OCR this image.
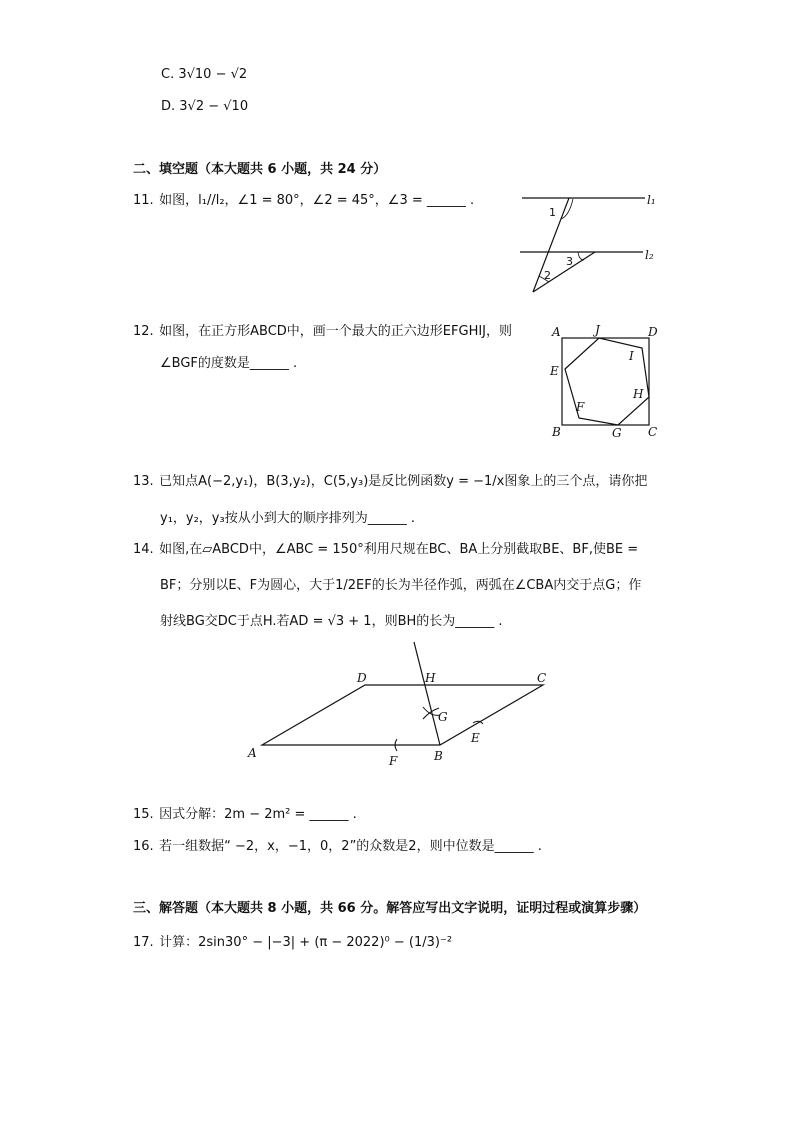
C. 3√10 − √2
D. 3√2 − √10
二、填空题（本大题共 6 小题，共 24 分）
11. 如图，l₁//l₂，∠1 = 80°，∠2 = 45°，∠3 = ______ .	l₁
l₂
1
2
3
12. 如图，在正方形ABCD中，画一个最大的正六边形EFGHIJ，则
∠BGF的度数是______ .
A	J	D
I
E
H
F
B	G C
13. 已知点A(−2,y₁)，B(3,y₂)，C(5,y₃)是反比例函数y = −1/x图象上的三个点，请你把
y₁，y₂，y₃按从小到大的顺序排列为______ .
14. 如图,在▱ABCD中，∠ABC = 150°利用尺规在BC、BA上分别截取BE、BF,使BE =
BF；分别以E、F为圆心，大于1/2EF的长为半径作弧，两弧在∠CBA内交于点G；作
射线BG交DC于点H.若AD = √3 + 1，则BH的长为______ .
D	H	C
G
E
A
F	B
15. 因式分解：2m − 2m² = ______ .
16. 若一组数据“ −2，x，−1，0，2”的众数是2，则中位数是______ .
三、解答题（本大题共 8 小题，共 66 分。解答应写出文字说明，证明过程或演算步骤）
17. 计算：2sin30° − |−3| + (π − 2022)⁰ − (1/3)⁻²
